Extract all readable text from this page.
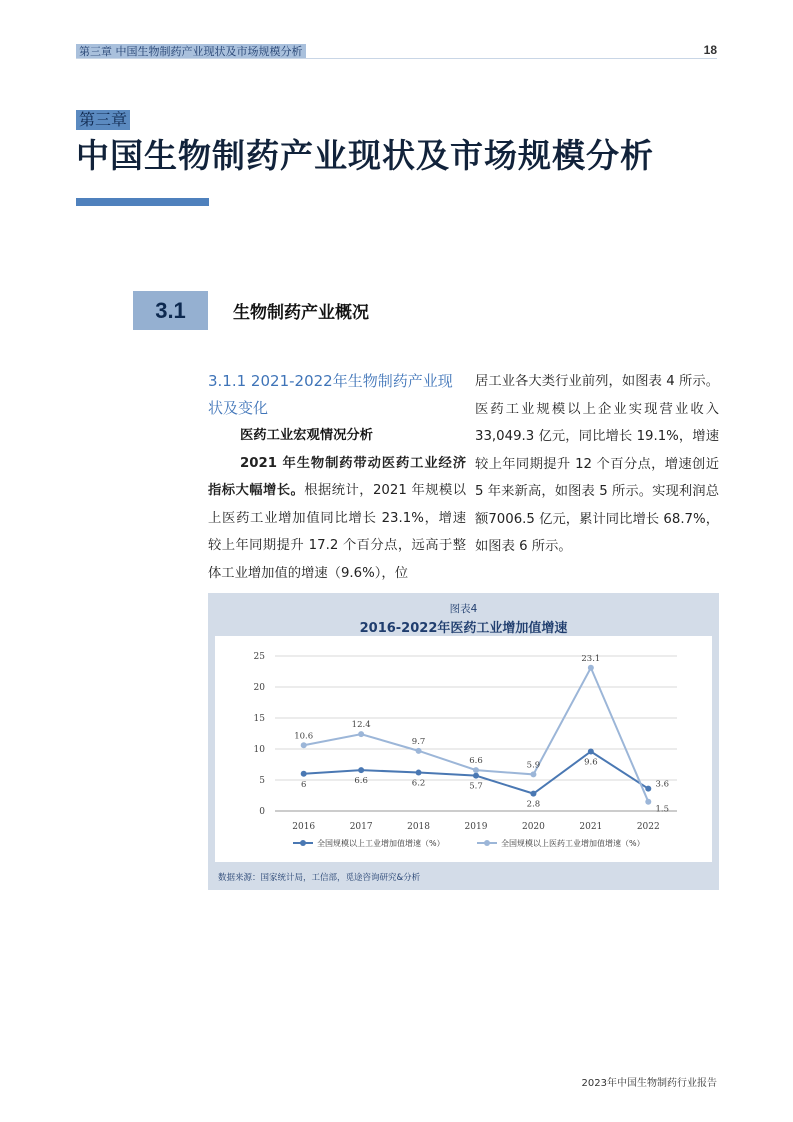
第三章 中国生物制药产业现状及市场规模分析	18
第三章
中国生物制药产业现状及市场规模分析
3.1	生物制药产业概况

3.1.1 2021-2022年生物制药产业现状及变化

医药工业宏观情况分析

2021 年生物制药带动医药工业经济指标大幅增长。根据统计，2021 年规模以上医药工业增加值同比增长 23.1%，增速较上年同期提升 17.2 个百分点，远高于整体工业增加值的增速（9.6%），位

居工业各大类行业前列，如图表 4 所示。医药工业规模以上企业实现营业收入33,049.3 亿元，同比增长 19.1%，增速较上年同期提升 12 个百分点，增速创近 5 年来新高，如图表 5 所示。实现利润总额7006.5 亿元，累计同比增长 68.7%，如图表 6 所示。

图表4
2016-2022年医药工业增加值增速
0
5
10
15
20
25
2016	2017	2018	2019	2020	2021	2022
6	6.6	6.2	5.7
2.8
9.6
3.6
10.6
12.4
9.7
6.6	5.9
23.1
1.5
全国规模以上工业增加值增速（%）	全国规模以上医药工业增加值增速（%）
数据来源：国家统计局，工信部，觅途咨询研究&分析
2023年中国生物制药行业报告
